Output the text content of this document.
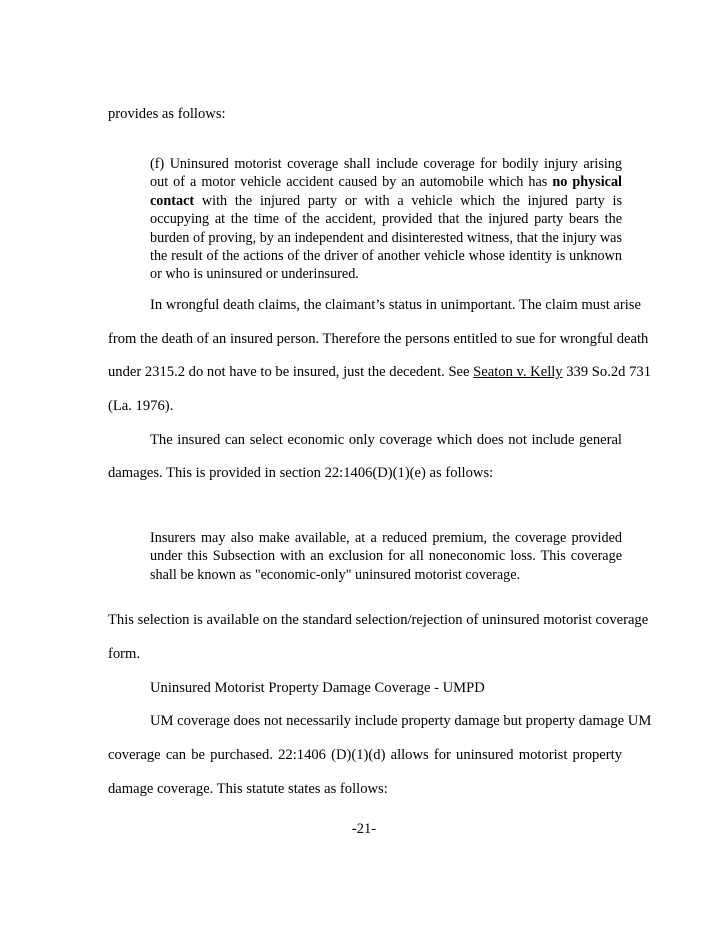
provides as follows:

(f) Uninsured motorist coverage shall include coverage for bodily injury arising out of a motor vehicle accident caused by an automobile which has no physical contact with the injured party or with a vehicle which the injured party is occupying at the time of the accident, provided that the injured party bears the burden of proving, by an independent and disinterested witness, that the injury was the result of the actions of the driver of another vehicle whose identity is unknown or who is uninsured or underinsured.

In wrongful death claims, the claimant’s status in unimportant. The claim must arise
from the death of an insured person. Therefore the persons entitled to sue for wrongful death
under 2315.2 do not have to be insured, just the decedent. See Seaton v. Kelly 339 So.2d 731
(La. 1976).
The insured can select economic only coverage which does not include general
damages. This is provided in section 22:1406(D)(1)(e) as follows:

Insurers may also make available, at a reduced premium, the coverage provided under this Subsection with an exclusion for all noneconomic loss. This coverage shall be known as "economic-only" uninsured motorist coverage.

This selection is available on the standard selection/rejection of uninsured motorist coverage
form.
Uninsured Motorist Property Damage Coverage - UMPD
UM coverage does not necessarily include property damage but property damage UM
coverage can be purchased. 22:1406 (D)(1)(d) allows for uninsured motorist property
damage coverage. This statute states as follows:
-21-
